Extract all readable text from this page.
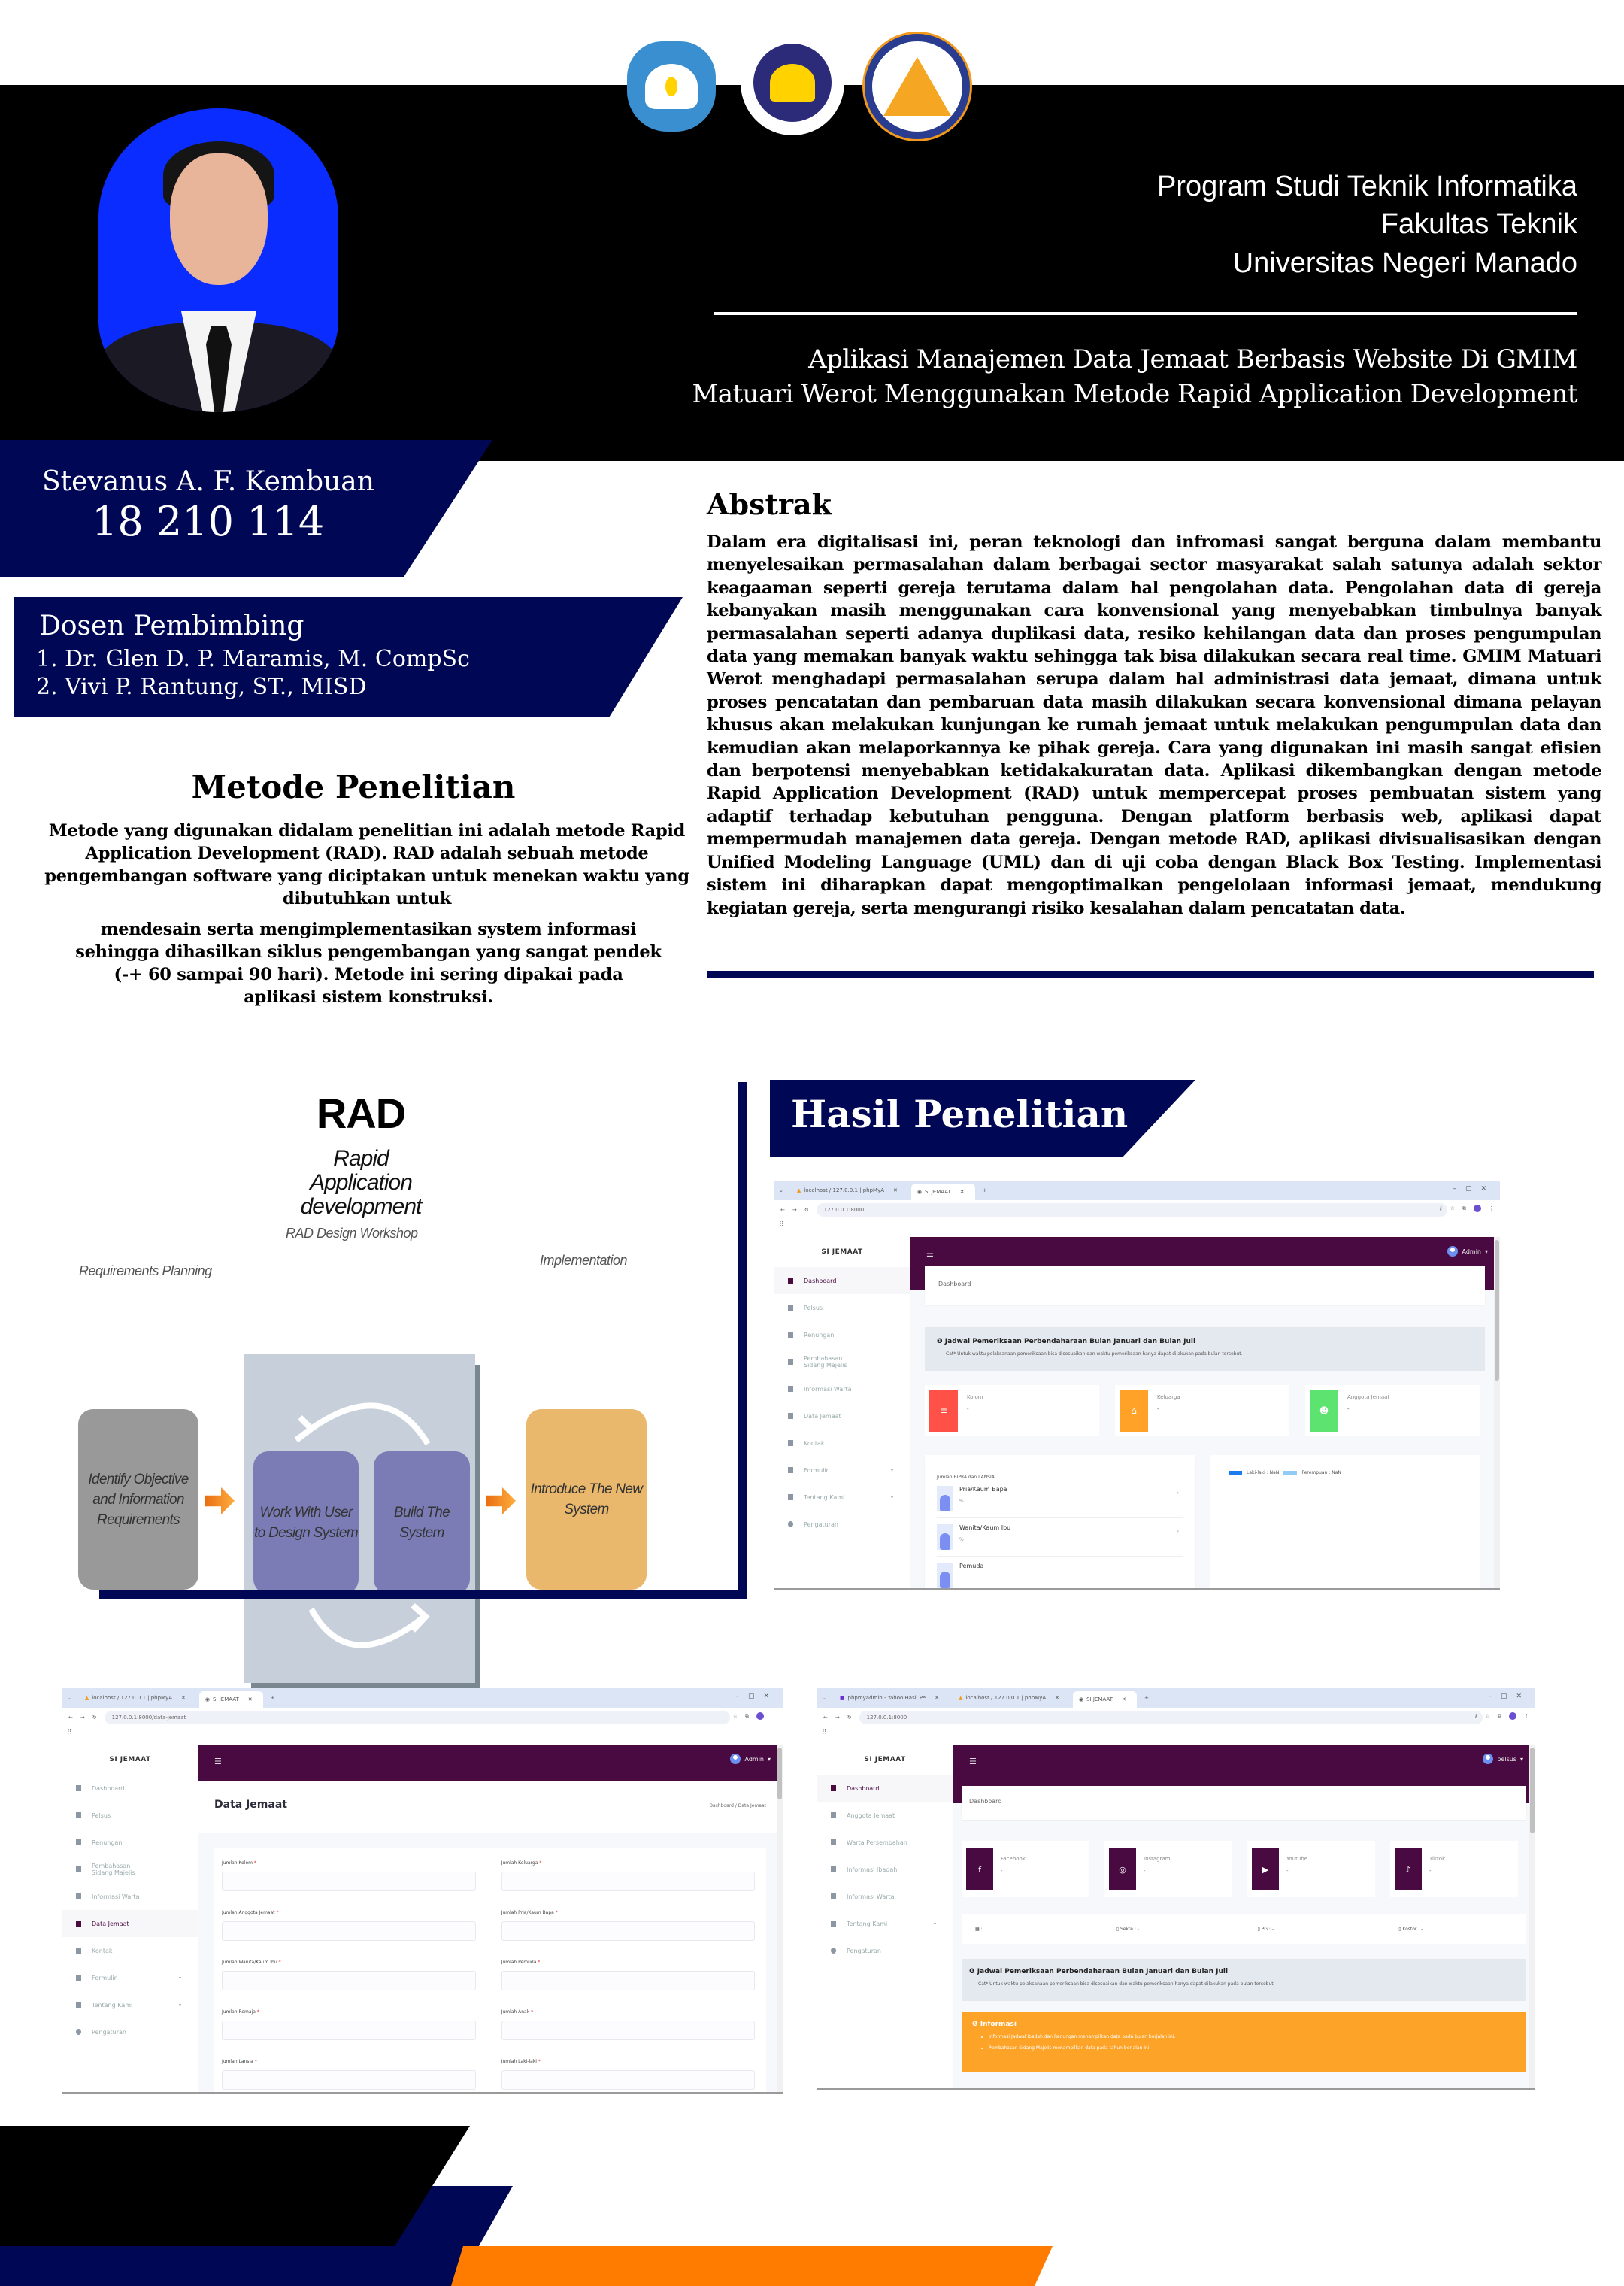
Program Studi Teknik Informatika
Fakultas Teknik
Universitas Negeri Manado
Aplikasi Manajemen Data Jemaat Berbasis Website Di GMIM
Matuari Werot Menggunakan Metode Rapid Application Development
Stevanus A. F. Kembuan
18 210 114
Dosen Pembimbing
1. Dr. Glen D. P. Maramis, M. CompSc
2. Vivi P. Rantung, ST., MISD
Abstrak
Dalam era digitalisasi ini, peran teknologi dan infromasi sangat berguna dalam membantu menyelesaikan permasalahan dalam berbagai sector masyarakat salah satunya adalah sektor keagaaman seperti gereja terutama dalam hal pengolahan data. Pengolahan data di gereja kebanyakan masih menggunakan cara konvensional yang menyebabkan timbulnya banyak permasalahan seperti adanya duplikasi data, resiko kehilangan data dan proses pengumpulan data yang memakan banyak waktu sehingga tak bisa dilakukan secara real time. GMIM Matuari Werot menghadapi permasalahan serupa dalam hal administrasi data jemaat, dimana untuk proses pencatatan dan pembaruan data masih dilakukan secara konvensional dimana pelayan khusus akan melakukan kunjungan ke rumah jemaat untuk melakukan pengumpulan data dan kemudian akan melaporkannya ke pihak gereja. Cara yang digunakan ini masih sangat efisien dan berpotensi menyebabkan ketidakakuratan data. Aplikasi dikembangkan dengan metode Rapid Application Development (RAD) untuk mempercepat proses pembuatan sistem yang adaptif terhadap kebutuhan pengguna. Dengan platform berbasis web, aplikasi dapat mempermudah manajemen data gereja. Dengan metode RAD, aplikasi divisualisasikan dengan Unified Modeling Language (UML) dan di uji coba dengan Black Box Testing. Implementasi sistem ini diharapkan dapat mengoptimalkan pengelolaan informasi jemaat, mendukung kegiatan gereja, serta mengurangi risiko kesalahan dalam pencatatan data.
Metode Penelitian
Metode yang digunakan didalam penelitian ini adalah metode Rapid Application Development (RAD). RAD adalah sebuah metode pengembangan software yang diciptakan untuk menekan waktu yang dibutuhkan untuk
mendesain serta mengimplementasikan system informasi sehingga dihasilkan siklus pengembangan yang sangat pendek (-+ 60 sampai 90 hari). Metode ini sering dipakai pada aplikasi sistem konstruksi.
RAD
Rapid Application development
RAD Design Workshop
Requirements Planning
Implementation
Identify Objective and Information Requirements	Work With User to Design System
Build The System
Introduce The New System
Hasil Penelitian
⌄	▲ localhost / 127.0.0.1 | phpMyA ✕	◉ SI JEMAAT ✕	+	–▢✕
← → ↻	127.0.0.1:8000	⚷ ☆ ⧉	⋮
⠿
SI JEMAAT
Dashboard
Pelsus
Renungan
Pembahasan Sidang Majelis
Informasi Warta
Data Jemaat
Kontak
Formulir	▾
Tentang Kami	▾
Pengaturan
☰	Admin ▾
Dashboard
❶ Jadwal Pemeriksaan Perbendaharaan Bulan Januari dan Bulan Juli
Cat* Untuk waktu pelaksanaan pemeriksaan bisa disesuaikan dan waktu pemeriksaan hanya dapat dilakukan pada bulan tersebut.
≡
Kolom
-	⌂
Keluarga
-	☻
Anggota Jemaat
-
Jumlah BIPRA dan LANSIA
Pria/Kaum Bapa
%
›
Wanita/Kaum Ibu
%
›
Pemuda
Laki-laki : NaN	Perempuan : NaN
⌄	▲ localhost / 127.0.0.1 | phpMyA ✕	◉ SI JEMAAT ✕	+	–▢✕
← → ↻	127.0.0.1:8000/data-jemaat	☆ ⧉	⋮
⠿
SI JEMAAT
Dashboard
Pelsus
Renungan
Pembahasan Sidang Majelis
Informasi Warta
Data Jemaat
Kontak
Formulir	▾
Tentang Kami	▾
Pengaturan
☰	Admin ▾
Data Jemaat	Dashboard / Data Jemaat
Jumlah Kolom *	Jumlah Keluarga *
Jumlah Anggota Jemaat *	Jumlah Pria/Kaum Bapa *
Jumlah Wanita/Kaum Ibu *	Jumlah Pemuda *
Jumlah Remaja *	Jumlah Anak *
Jumlah Lansia *	Jumlah Laki-laki *
⌄	■ phpmyadmin - Yahoo Hasil Pe ✕	▲ localhost / 127.0.0.1 | phpMyA ✕	◉ SI JEMAAT ✕	+	–▢✕
← → ↻	127.0.0.1:8000	⚷ ☆ ⧉	⋮
⠿
SI JEMAAT
Dashboard
Anggota Jemaat
Warta Persembahan
Informasi Ibadah
Informasi Warta
Tentang Kami	▾
Pengaturan
☰	pelsus ▾
Dashboard
f
Facebook
-	◎
Instagram
-	▶
Youtube
-	♪
Tiktok
-
▦ :	▯ Sekre : -	▯ PG : -	▯ Kostor : -
❶ Jadwal Pemeriksaan Perbendaharaan Bulan Januari dan Bulan Juli
Cat* Untuk waktu pelaksanaan pemeriksaan bisa disesuaikan dan waktu pemeriksaan hanya dapat dilakukan pada bulan tersebut.
❶ Informasi
• Informasi Jadwal Ibadah dan Renungan menampilkan data pada bulan berjalan ini.
• Pembahasan Sidang Majelis menampilkan data pada tahun berjalan ini.
